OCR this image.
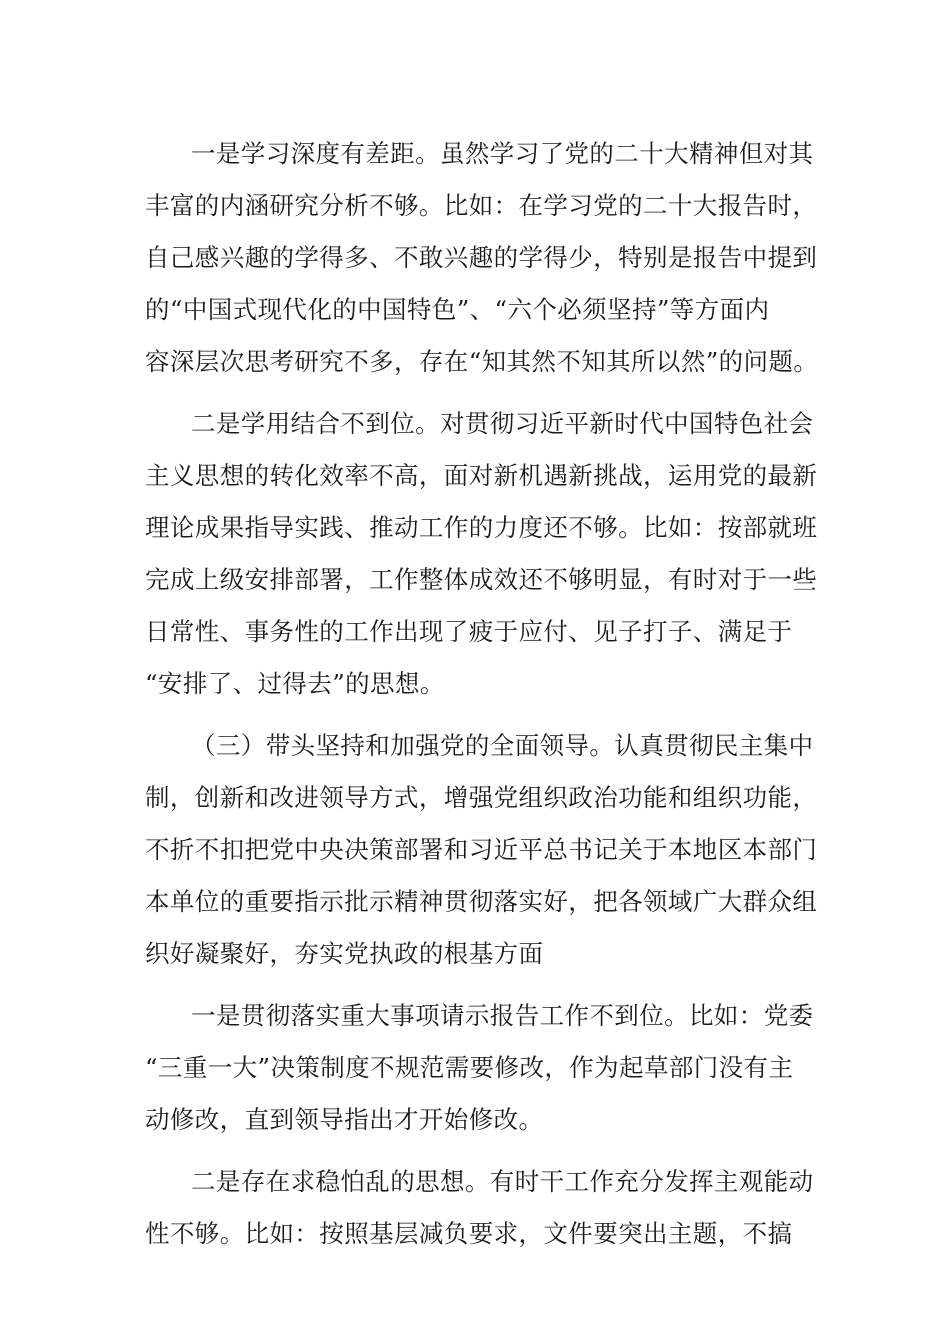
一是学习深度有差距。虽然学习了党的二十大精神但对其
丰富的内涵研究分析不够。比如：在学习党的二十大报告时，
自己感兴趣的学得多、不敢兴趣的学得少，特别是报告中提到
的“中国式现代化的中国特色”、“六个必须坚持”等方面内
容深层次思考研究不多，存在“知其然不知其所以然”的问题。
二是学用结合不到位。对贯彻习近平新时代中国特色社会
主义思想的转化效率不高，面对新机遇新挑战，运用党的最新
理论成果指导实践、推动工作的力度还不够。比如：按部就班
完成上级安排部署，工作整体成效还不够明显，有时对于一些
日常性、事务性的工作出现了疲于应付、见子打子、满足于
“安排了、过得去”的思想。
（三）带头坚持和加强党的全面领导。认真贯彻民主集中
制，创新和改进领导方式，增强党组织政治功能和组织功能，
不折不扣把党中央决策部署和习近平总书记关于本地区本部门
本单位的重要指示批示精神贯彻落实好，把各领域广大群众组
织好凝聚好，夯实党执政的根基方面
一是贯彻落实重大事项请示报告工作不到位。比如：党委
“三重一大”决策制度不规范需要修改，作为起草部门没有主
动修改，直到领导指出才开始修改。
二是存在求稳怕乱的思想。有时干工作充分发挥主观能动
性不够。比如：按照基层减负要求，文件要突出主题，不搞
